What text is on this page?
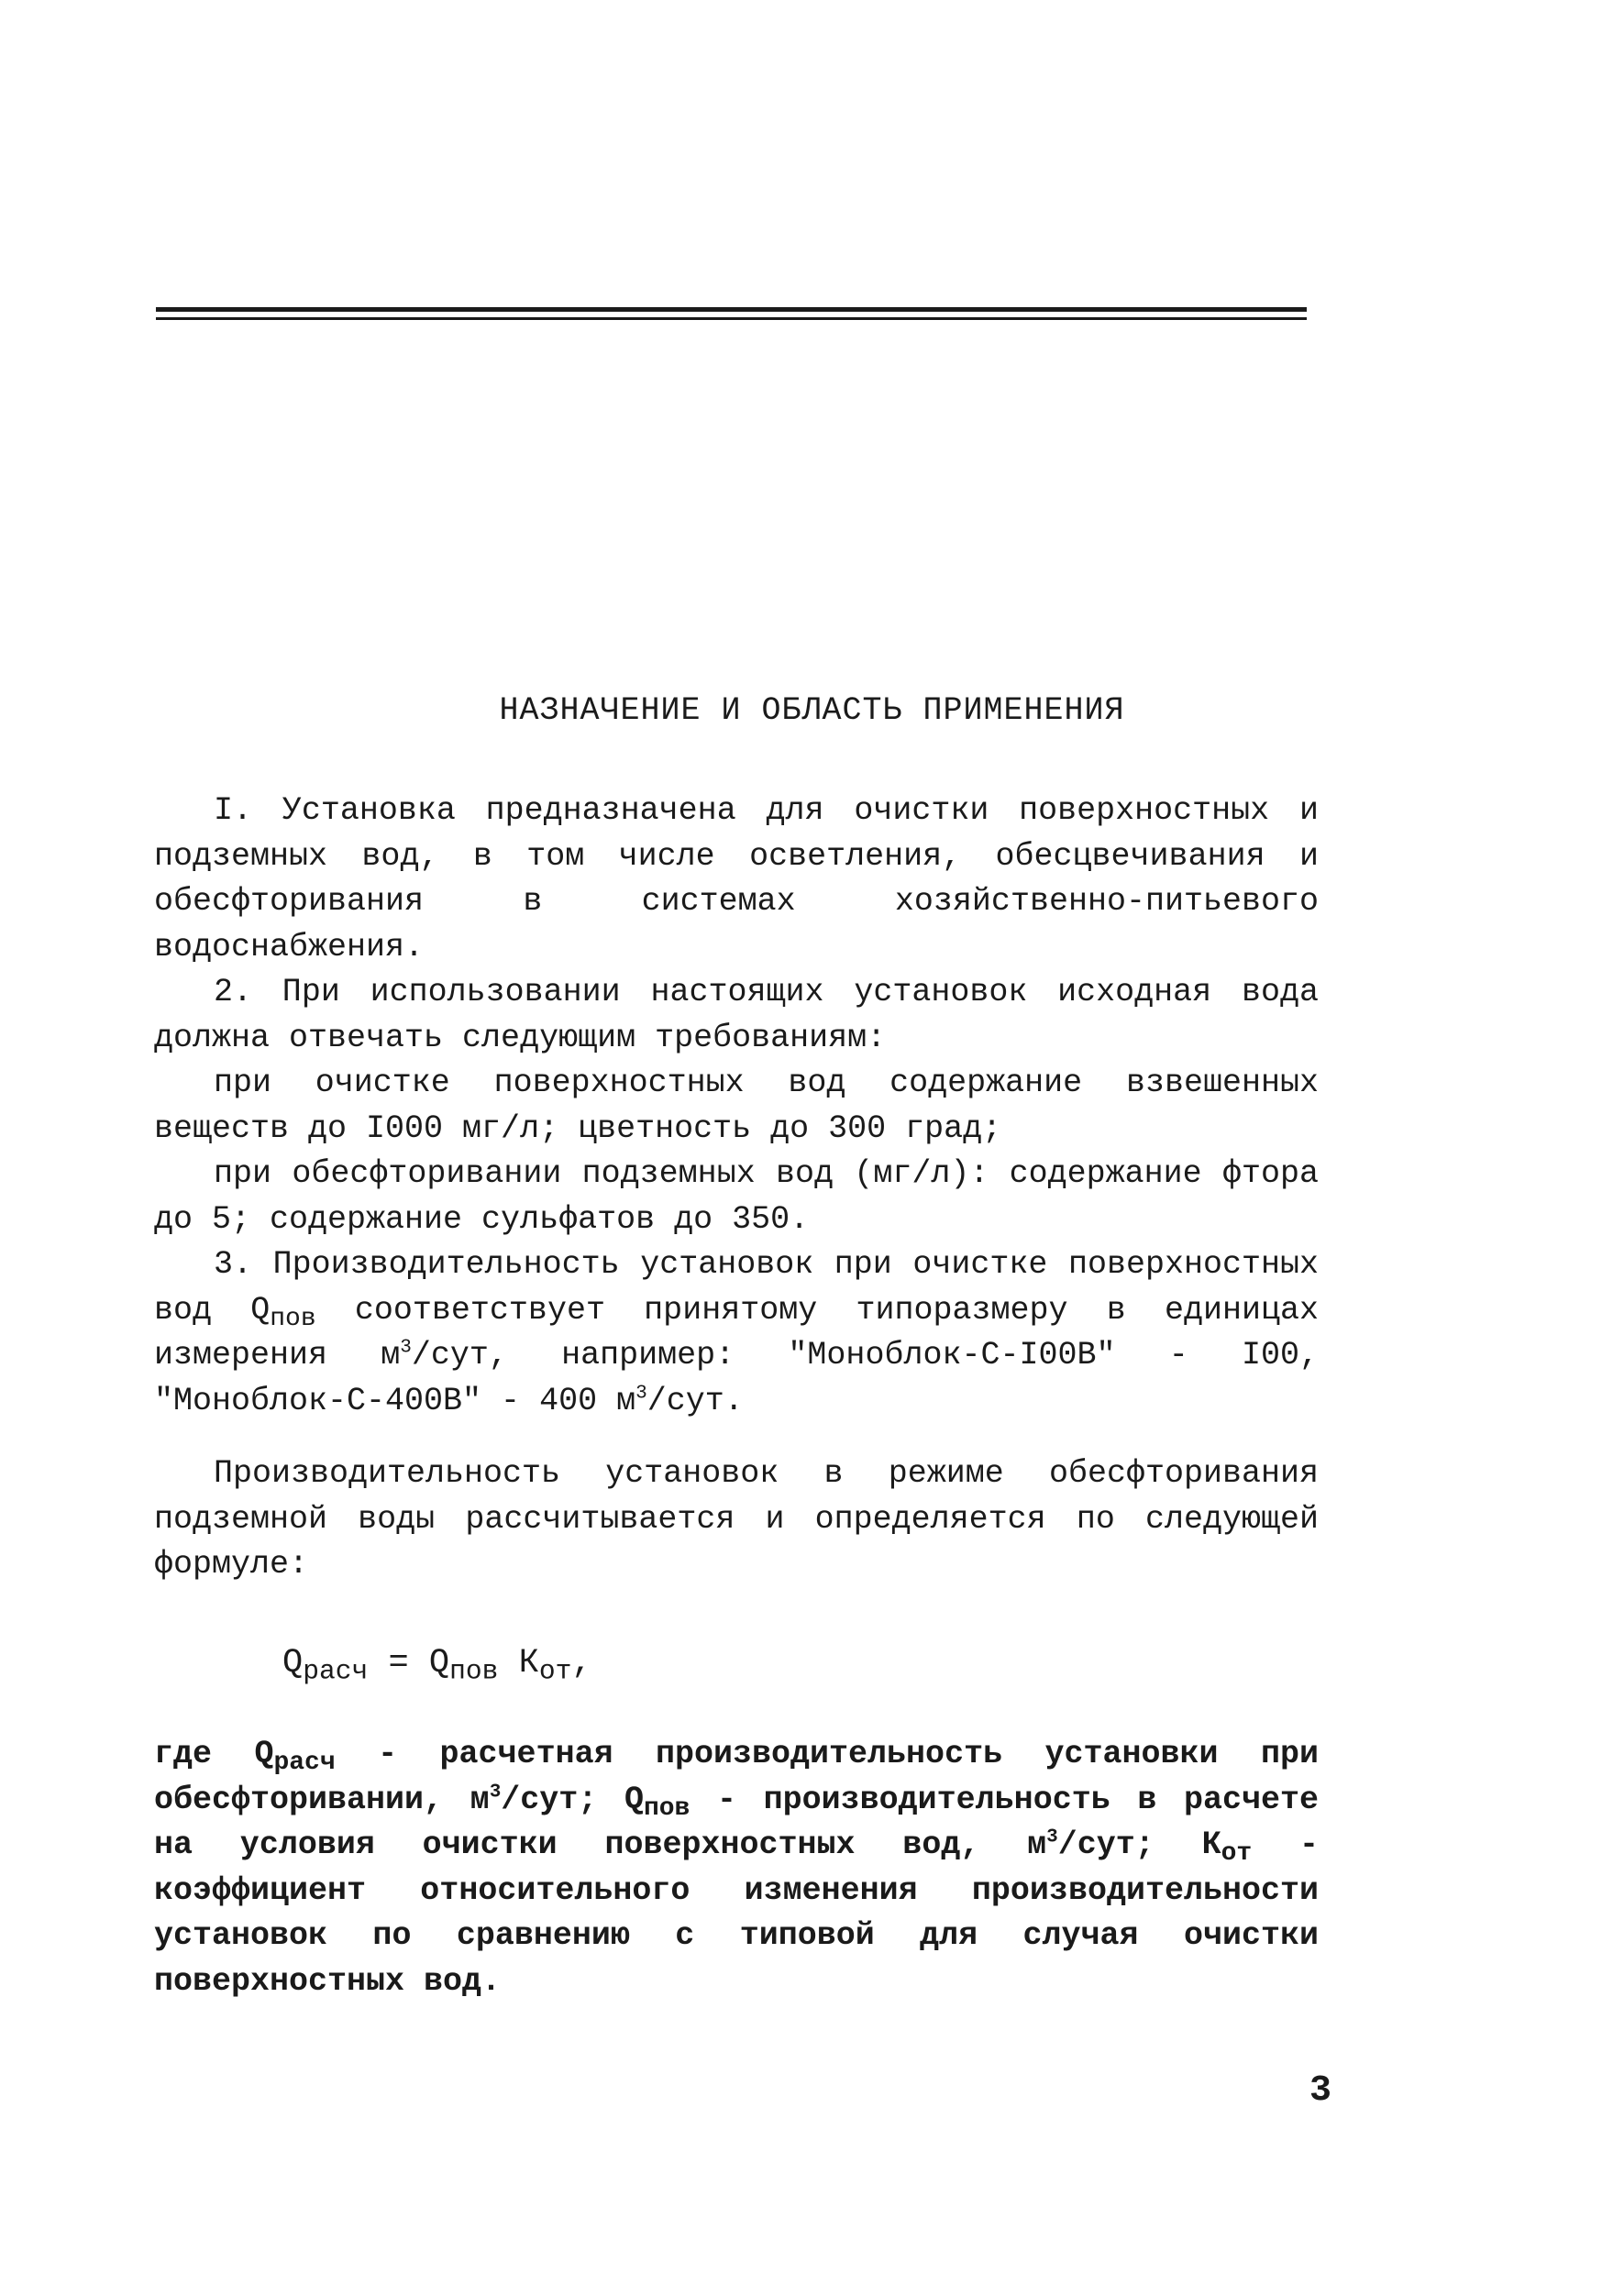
НАЗНАЧЕНИЕ И ОБЛАСТЬ ПРИМЕНЕНИЯ

I. Установка предназначена для очистки поверхностных и подземных вод, в том числе осветления, обесцвечивания и обесфторивания в системах хозяйственно-питьевого водоснабжения.

2. При использовании настоящих установок исходная вода должна отвечать следующим требованиям:

при очистке поверхностных вод содержание взвешенных веществ до I000 мг/л; цветность до 300 град;

при обесфторивании подземных вод (мг/л): содержание фтора до 5; содержание сульфатов до 350.

3. Производительность установок при очистке поверхностных вод $Q_{пов}$ соответствует принятому типоразмеру в единицах измерения $м^3$/сут, например: "Моноблок-С-I00В" - I00, "Моноблок-С-400В" - 400 $м^3$/сут.

Производительность установок в режиме обесфторивания подземной воды рассчитывается и определяется по следующей формуле:

$Q_{расч} = Q_{пов}$ $К_{от}$,

где $Q_{расч}$ - расчетная производительность установки при обесфторивании, $м^3$/сут; $Q_{пов}$ - производительность в расчете на условия очистки поверхностных вод, $м^3$/сут; $К_{от}$ - коэффициент относительного изменения производительности установок по сравнению с типовой для случая очистки поверхностных вод.

3
